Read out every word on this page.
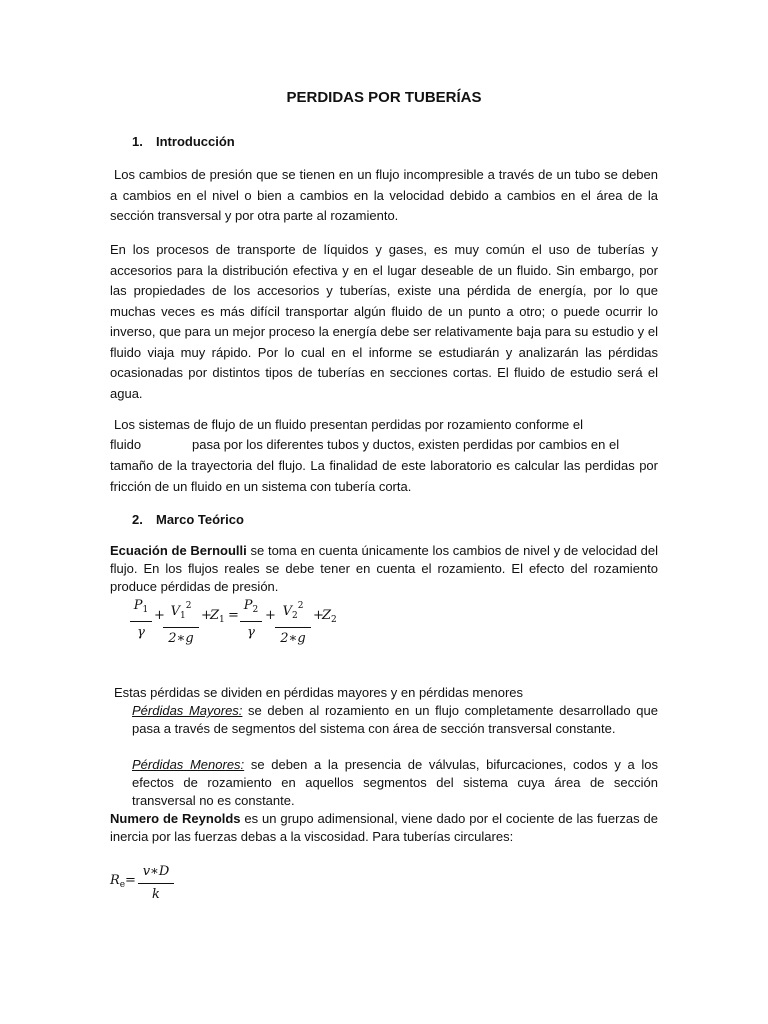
PERDIDAS POR TUBERÍAS
1. Introducción
Los cambios de presión que se tienen en un flujo incompresible a través de un tubo se deben a cambios en el nivel o bien a cambios en la velocidad debido a cambios en el área de la sección transversal y por otra parte al rozamiento.
En los procesos de transporte de líquidos y gases, es muy común el uso de tuberías y accesorios para la distribución efectiva y en el lugar deseable de un fluido. Sin embargo, por las propiedades de los accesorios y tuberías, existe una pérdida de energía, por lo que muchas veces es más difícil transportar algún fluido de un punto a otro; o puede ocurrir lo inverso, que para un mejor proceso la energía debe ser relativamente baja para su estudio y el fluido viaja muy rápido. Por lo cual en el informe se estudiarán y analizarán las pérdidas ocasionadas por distintos tipos de tuberías en secciones cortas. El fluido de estudio será el agua.
Los sistemas de flujo de un fluido presentan perdidas por rozamiento conforme el
fluido	pasa por los diferentes tubos y ductos, existen perdidas por cambios en el
tamaño de la trayectoria del flujo. La finalidad de este laboratorio es calcular las perdidas por fricción de un fluido en un sistema con tubería corta.
2. Marco Teórico
Ecuación de Bernoulli se toma en cuenta únicamente los cambios de nivel y de velocidad del flujo. En los flujos reales se debe tener en cuenta el rozamiento. El efecto del rozamiento produce pérdidas de presión.
$\frac{P_1}{\gamma}$ +
$\frac{V_1^2}{2∗g}$ +
$Z_1 = \frac{P_2}{\gamma} + \frac{V_2^2}{2∗g}$ +
$Z_2$
Estas pérdidas se dividen en pérdidas mayores y en pérdidas menores
Pérdidas Mayores: se deben al rozamiento en un flujo completamente desarrollado que pasa a través de segmentos del sistema con área de sección transversal constante.
Pérdidas Menores: se deben a la presencia de válvulas, bifurcaciones, codos y a los efectos de rozamiento en aquellos segmentos del sistema cuya área de sección transversal no es constante.
Numero de Reynolds es un grupo adimensional, viene dado por el cociente de las fuerzas de inercia por las fuerzas debas a la viscosidad. Para tuberías circulares:
$R_e = \frac{v∗D}{k}$
